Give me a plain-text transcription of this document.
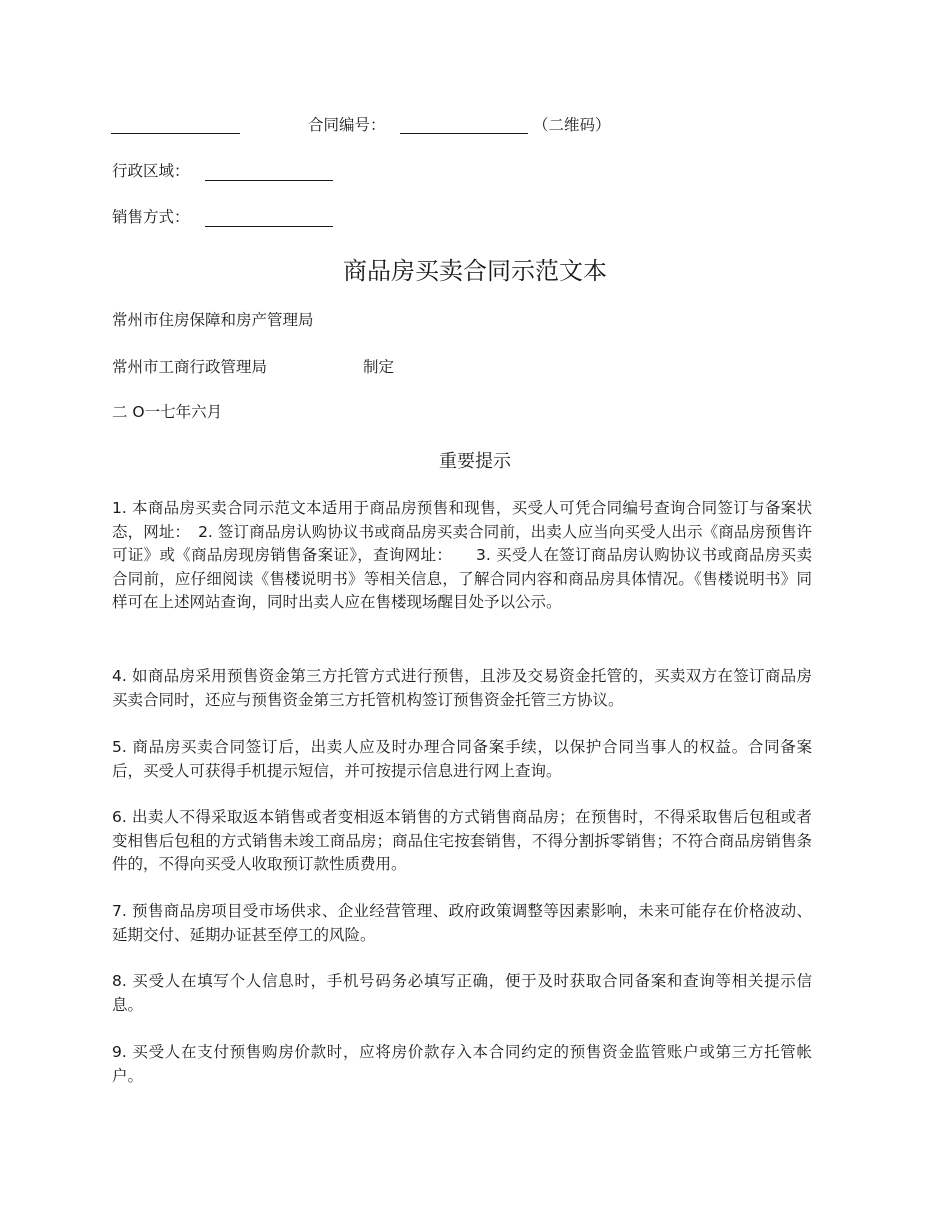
合同编号：	（二维码）
行政区域：
销售方式：
商品房买卖合同示范文本
常州市住房保障和房产管理局
常州市工商行政管理局	制定
二 O一七年六月
重要提示

1. 本商品房买卖合同示范文本适用于商品房预售和现售，买受人可凭合同编号查询合同签订与备案状态，网址：　2. 签订商品房认购协议书或商品房买卖合同前，出卖人应当向买受人出示《商品房预售许可证》或《商品房现房销售备案证》，查询网址：　　3. 买受人在签订商品房认购协议书或商品房买卖合同前，应仔细阅读《售楼说明书》等相关信息，了解合同内容和商品房具体情况。《售楼说明书》同样可在上述网站查询，同时出卖人应在售楼现场醒目处予以公示。

4. 如商品房采用预售资金第三方托管方式进行预售，且涉及交易资金托管的，买卖双方在签订商品房买卖合同时，还应与预售资金第三方托管机构签订预售资金托管三方协议。

5. 商品房买卖合同签订后，出卖人应及时办理合同备案手续，以保护合同当事人的权益。合同备案后，买受人可获得手机提示短信，并可按提示信息进行网上查询。

6. 出卖人不得采取返本销售或者变相返本销售的方式销售商品房；在预售时，不得采取售后包租或者变相售后包租的方式销售未竣工商品房；商品住宅按套销售，不得分割拆零销售；不符合商品房销售条件的，不得向买受人收取预订款性质费用。

7. 预售商品房项目受市场供求、企业经营管理、政府政策调整等因素影响，未来可能存在价格波动、延期交付、延期办证甚至停工的风险。

8. 买受人在填写个人信息时，手机号码务必填写正确，便于及时获取合同备案和查询等相关提示信息。

9. 买受人在支付预售购房价款时，应将房价款存入本合同约定的预售资金监管账户或第三方托管帐户。
